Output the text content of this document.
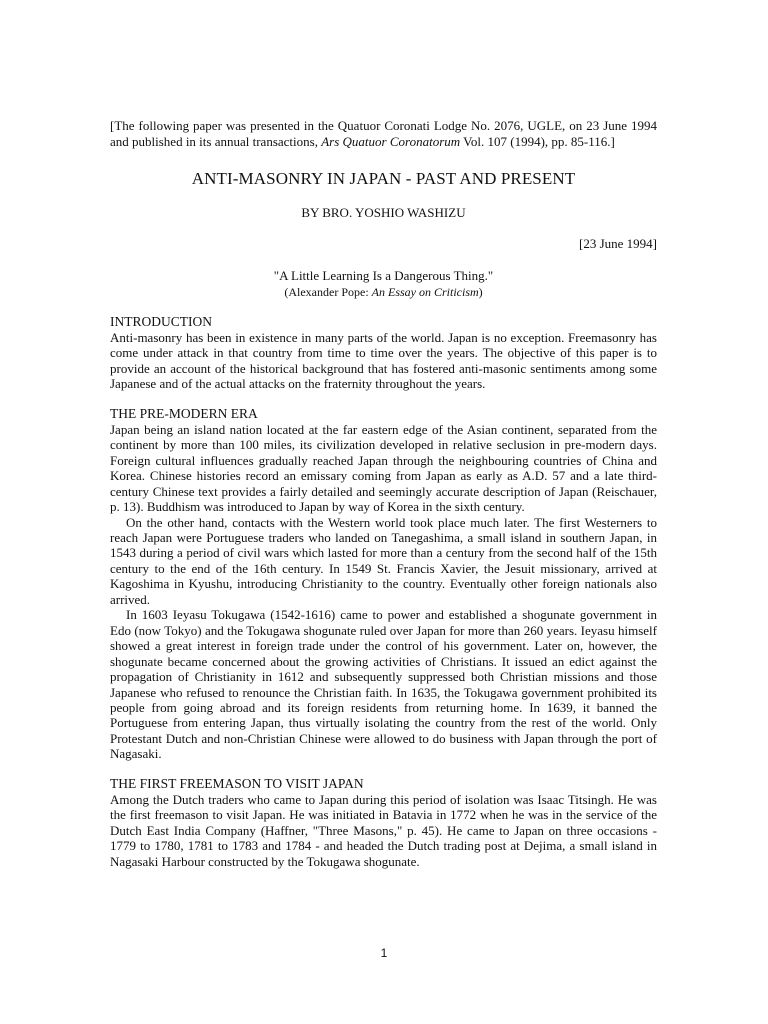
[The following paper was presented in the Quatuor Coronati Lodge No. 2076, UGLE, on 23 June 1994 and published in its annual transactions, Ars Quatuor Coronatorum Vol. 107 (1994), pp. 85-116.]

ANTI-MASONRY IN JAPAN - PAST AND PRESENT
BY BRO. YOSHIO WASHIZU
[23 June 1994]
"A Little Learning Is a Dangerous Thing."
(Alexander Pope: An Essay on Criticism)
INTRODUCTION

Anti-masonry has been in existence in many parts of the world. Japan is no exception. Freemasonry has come under attack in that country from time to time over the years. The objective of this paper is to provide an account of the historical background that has fostered anti-masonic sentiments among some Japanese and of the actual attacks on the fraternity throughout the years.

THE PRE-MODERN ERA

Japan being an island nation located at the far eastern edge of the Asian continent, separated from the continent by more than 100 miles, its civilization developed in relative seclusion in pre-modern days. Foreign cultural influences gradually reached Japan through the neighbouring countries of China and Korea. Chinese histories record an emissary coming from Japan as early as A.D. 57 and a late third-century Chinese text provides a fairly detailed and seemingly accurate description of Japan (Reischauer, p. 13). Buddhism was introduced to Japan by way of Korea in the sixth century.

On the other hand, contacts with the Western world took place much later. The first Westerners to reach Japan were Portuguese traders who landed on Tanegashima, a small island in southern Japan, in 1543 during a period of civil wars which lasted for more than a century from the second half of the 15th century to the end of the 16th century. In 1549 St. Francis Xavier, the Jesuit missionary, arrived at Kagoshima in Kyushu, introducing Christianity to the country. Eventually other foreign nationals also arrived.

In 1603 Ieyasu Tokugawa (1542-1616) came to power and established a shogunate government in Edo (now Tokyo) and the Tokugawa shogunate ruled over Japan for more than 260 years. Ieyasu himself showed a great interest in foreign trade under the control of his government. Later on, however, the shogunate became concerned about the growing activities of Christians. It issued an edict against the propagation of Christianity in 1612 and subsequently suppressed both Christian missions and those Japanese who refused to renounce the Christian faith. In 1635, the Tokugawa government prohibited its people from going abroad and its foreign residents from returning home. In 1639, it banned the Portuguese from entering Japan, thus virtually isolating the country from the rest of the world. Only Protestant Dutch and non-Christian Chinese were allowed to do business with Japan through the port of Nagasaki.

THE FIRST FREEMASON TO VISIT JAPAN

Among the Dutch traders who came to Japan during this period of isolation was Isaac Titsingh. He was the first freemason to visit Japan. He was initiated in Batavia in 1772 when he was in the service of the Dutch East India Company (Haffner, "Three Masons," p. 45). He came to Japan on three occasions - 1779 to 1780, 1781 to 1783 and 1784 - and headed the Dutch trading post at Dejima, a small island in Nagasaki Harbour constructed by the Tokugawa shogunate.

1
